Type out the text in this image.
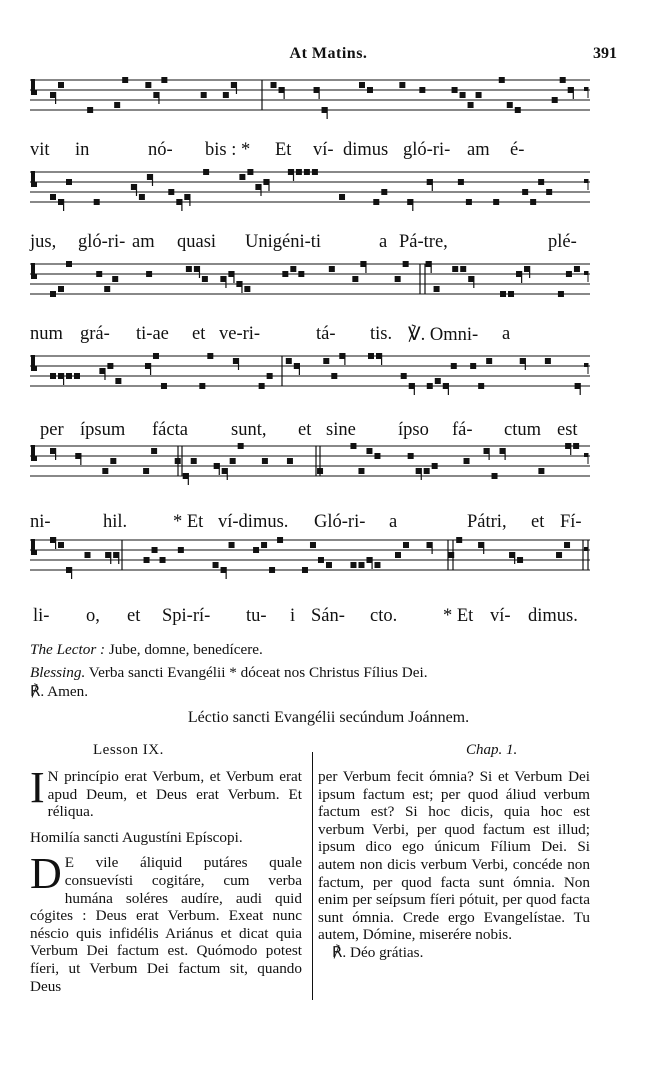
At Matins.	391
vit in	nó- bis : * Et ví- dimus gló-ri- am é-
jus, gló-ri- am quasi Unigéni-ti	a Pá-tre,	plé-
num grá- ti-ae et ve-ri-	tá- tis. ℣. Omni- a
per ípsum fácta sunt, et sine ípso fá- ctum est
ni-	hil. * Et ví-dimus. Gló-ri- a	Pátri, et Fí-
li- o, et Spi-rí- tu- i Sán- cto. * Et ví- dimus.
The Lector : Jube, domne, benedícere.
Blessing. Verba sancti Evangélii * dóceat nos Christus Fílius Dei.
℟. Amen.
Léctio sancti Evangélii secúndum Joánnem.
Lesson IX.	Chap. 1.

I N princípio erat Verbum, et Verbum erat apud Deum, et Deus erat Verbum. Et réliqua.

Homilía sancti Augustíni Epíscopi.

D E vile áliquid putáres quale consuevísti cogitáre, cum verba humána soléres audíre, audi quid cógites : Deus erat Verbum. Exeat nunc néscio quis infidélis Ariánus et dicat quia Verbum Dei factum est. Quómodo potest fíeri, ut Verbum Dei factum sit, quando Deus

per Verbum fecit ómnia? Si et Verbum Dei ipsum factum est; per quod áliud verbum factum est? Si hoc dicis, quia hoc est verbum Verbi, per quod factum est illud; ipsum dico ego únicum Fílium Dei. Si autem non dicis verbum Verbi, concéde non factum, per quod facta sunt ómnia. Non enim per seípsum fíeri pótuit, per quod facta sunt ómnia. Crede ergo Evangelístae. Tu autem, Dómine, miserére nobis.

℟. Déo grátias.
